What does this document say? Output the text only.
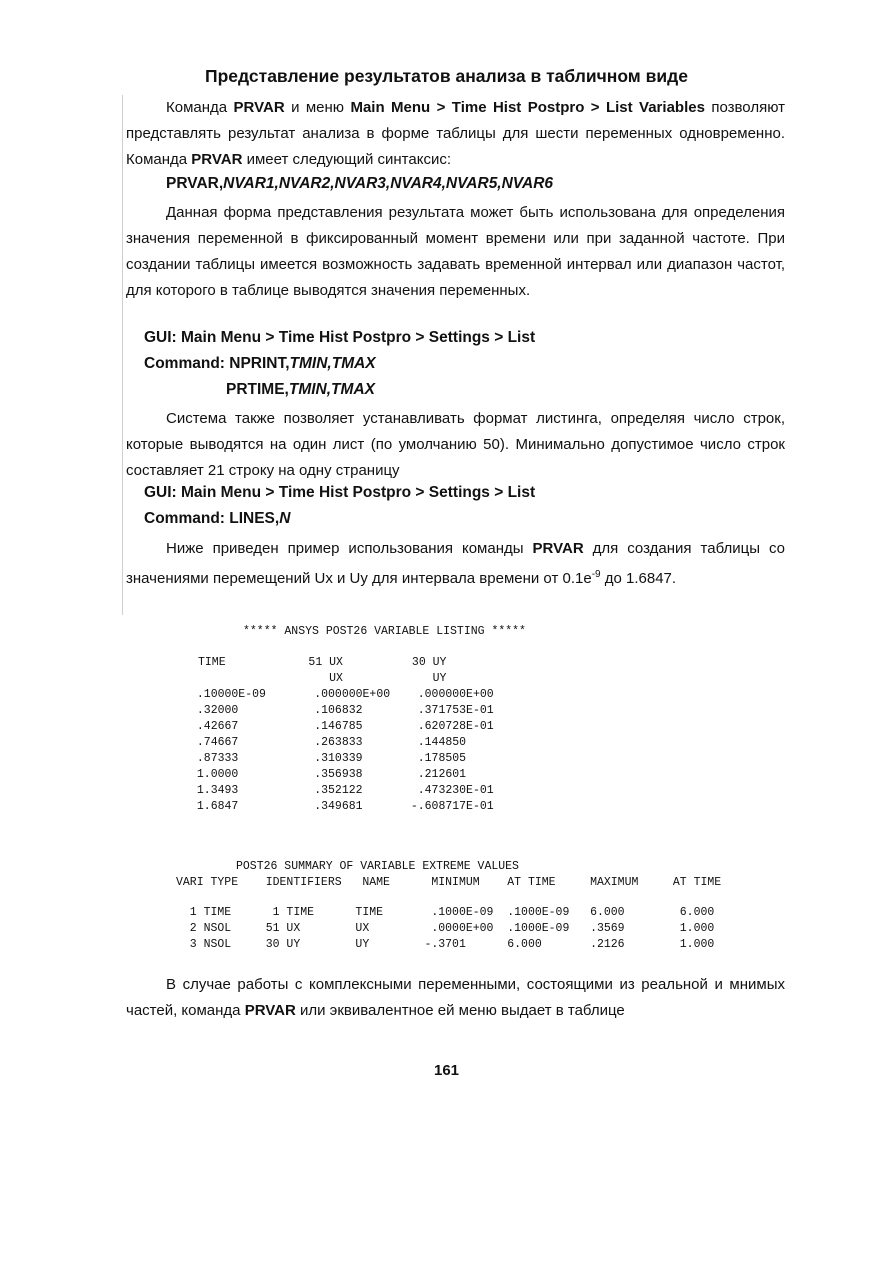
Представление результатов анализа в табличном виде

Команда PRVAR и меню Main Menu > Time Hist Postpro > List Variables позволяют представлять результат анализа в форме таблицы для шести переменных одновременно. Команда PRVAR имеет следующий синтаксис:

PRVAR,NVAR1,NVAR2,NVAR3,NVAR4,NVAR5,NVAR6

Данная форма представления результата может быть использована для определения значения переменной в фиксированный момент времени или при заданной частоте. При создании таблицы имеется возможность задавать временной интервал или диапазон частот, для которого в таблице выводятся значения переменных.

GUI: Main Menu > Time Hist Postpro > Settings > List
Command: NPRINT,TMIN,TMAX
PRTIME,TMIN,TMAX

Система также позволяет устанавливать формат листинга, определяя число строк, которые выводятся на один лист (по умолчанию 50). Минимально допустимое число строк составляет 21 строку на одну страницу

GUI: Main Menu > Time Hist Postpro > Settings > List
Command: LINES,N

Ниже приведен пример использования команды PRVAR для создания таблицы со значениями перемещений Ux и Uy для интервала времени от $0.1e^{-9}$ до 1.6847.

***** ANSYS POST26 VARIABLE LISTING *****
TIME            51 UX          30 UY
UX             UY
.10000E-09       .000000E+00    .000000E+00
.32000           .106832        .371753E-01
.42667           .146785        .620728E-01
.74667           .263833        .144850
.87333           .310339        .178505
1.0000           .356938        .212601
1.3493           .352122        .473230E-01
1.6847           .349681       -.608717E-01
POST26 SUMMARY OF VARIABLE EXTREME VALUES
VARI TYPE    IDENTIFIERS   NAME      MINIMUM    AT TIME     MAXIMUM     AT TIME
1 TIME      1 TIME      TIME       .1000E-09  .1000E-09   6.000        6.000
2 NSOL     51 UX        UX         .0000E+00  .1000E-09   .3569        1.000
3 NSOL     30 UY        UY        -.3701      6.000       .2126        1.000

В случае работы с комплексными переменными, состоящими из реальной и мнимых частей, команда PRVAR или эквивалентное ей меню выдает в таблице

161
